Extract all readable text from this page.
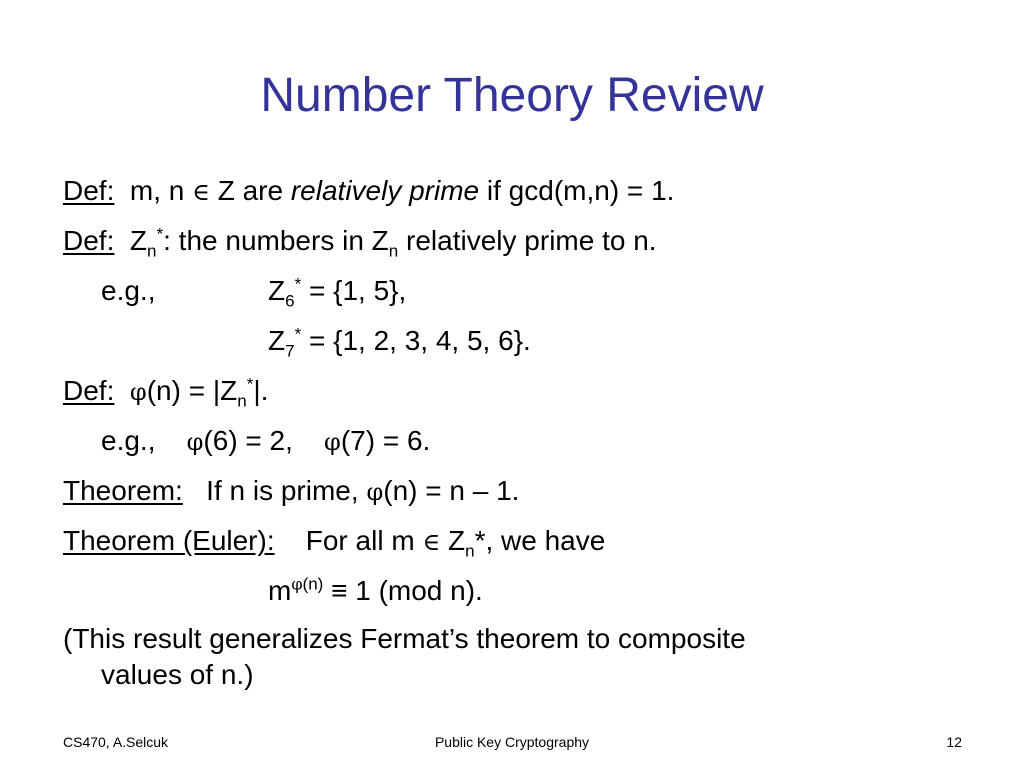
Number Theory Review
Def: m, n ∈ Z are relatively prime if gcd(m,n) = 1.
Def: $Z_n^*$: the numbers in $Z_n$ relatively prime to n.
e.g.,	$Z_6^* = \{1$, 5},
$Z_7^* = \{1$, 2, 3, 4, 5, 6}.
Def: $\varphi(n) = |Z_n^*|$.
e.g., φ(6) = 2, φ(7) = 6.
Theorem: If n is prime, φ(n) = n – 1.
Theorem (Euler): For all m ∈ $Z_n*$, we have
$m^{\varphi(n)} \equiv 1$ (mod n).
(This result generalizes Fermat’s theorem to composite
values of n.)
CS470, A.Selcuk	Public Key Cryptography	12
